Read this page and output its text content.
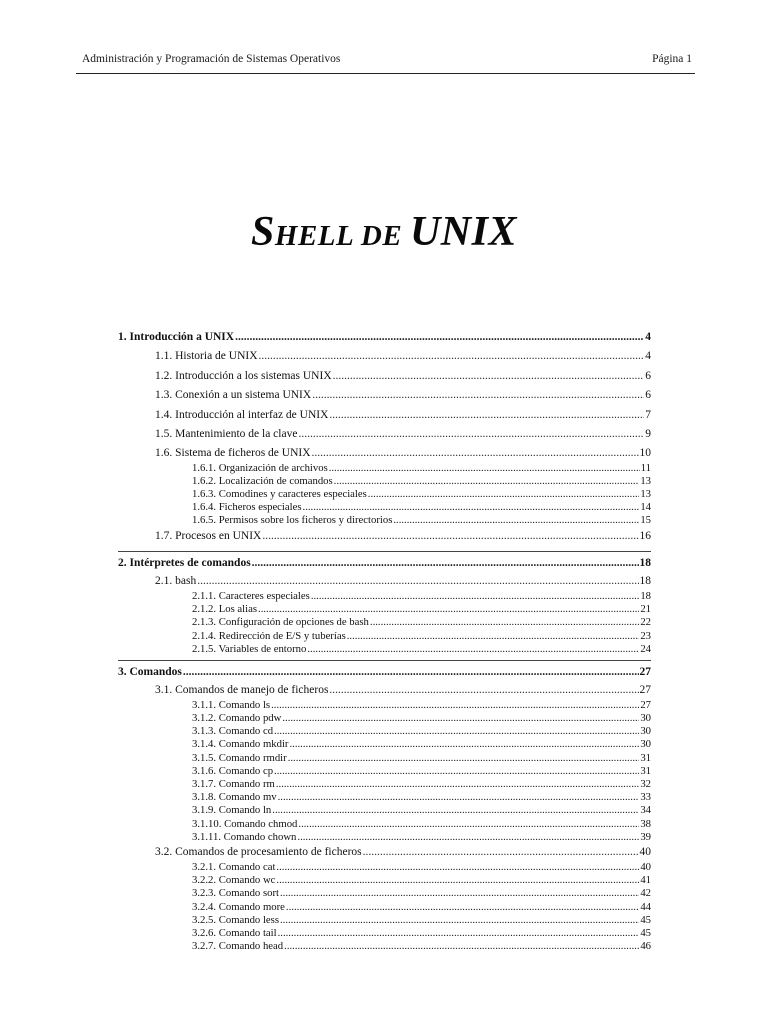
Administración y Programación de Sistemas Operativos	Página 1
SHELL DE UNIX
1. Introducción a UNIX .....	4
1.1. Historia de UNIX .....	4
1.2. Introducción a los sistemas UNIX .....	6
1.3. Conexión a un sistema UNIX .....	6
1.4. Introducción al interfaz de UNIX .....	7
1.5. Mantenimiento de la clave .....	9
1.6. Sistema de ficheros de UNIX .....	10
1.6.1. Organización de archivos .....	11
1.6.2. Localización de comandos .....	13
1.6.3. Comodines y caracteres especiales .....	13
1.6.4. Ficheros especiales .....	14
1.6.5. Permisos sobre los ficheros y directorios .....	15
1.7. Procesos en UNIX .....	16
2. Intérpretes de comandos .....	18
2.1. bash .....	18
2.1.1. Caracteres especiales .....	18
2.1.2. Los alias .....	21
2.1.3. Configuración de opciones de bash .....	22
2.1.4. Redirección de E/S y tuberías .....	23
2.1.5. Variables de entorno .....	24
3. Comandos .....	27
3.1. Comandos de manejo de ficheros .....	27
3.1.1. Comando ls .....	27
3.1.2. Comando pdw .....	30
3.1.3. Comando cd .....	30
3.1.4. Comando mkdir .....	30
3.1.5. Comando rmdir .....	31
3.1.6. Comando cp .....	31
3.1.7. Comando rm .....	32
3.1.8. Comando mv .....	33
3.1.9. Comando ln .....	34
3.1.10. Comando chmod .....	38
3.1.11. Comando chown .....	39
3.2. Comandos de procesamiento de ficheros .....	40
3.2.1. Comando cat .....	40
3.2.2. Comando wc .....	41
3.2.3. Comando sort .....	42
3.2.4. Comando more .....	44
3.2.5. Comando less .....	45
3.2.6. Comando tail .....	45
3.2.7. Comando head .....	46
